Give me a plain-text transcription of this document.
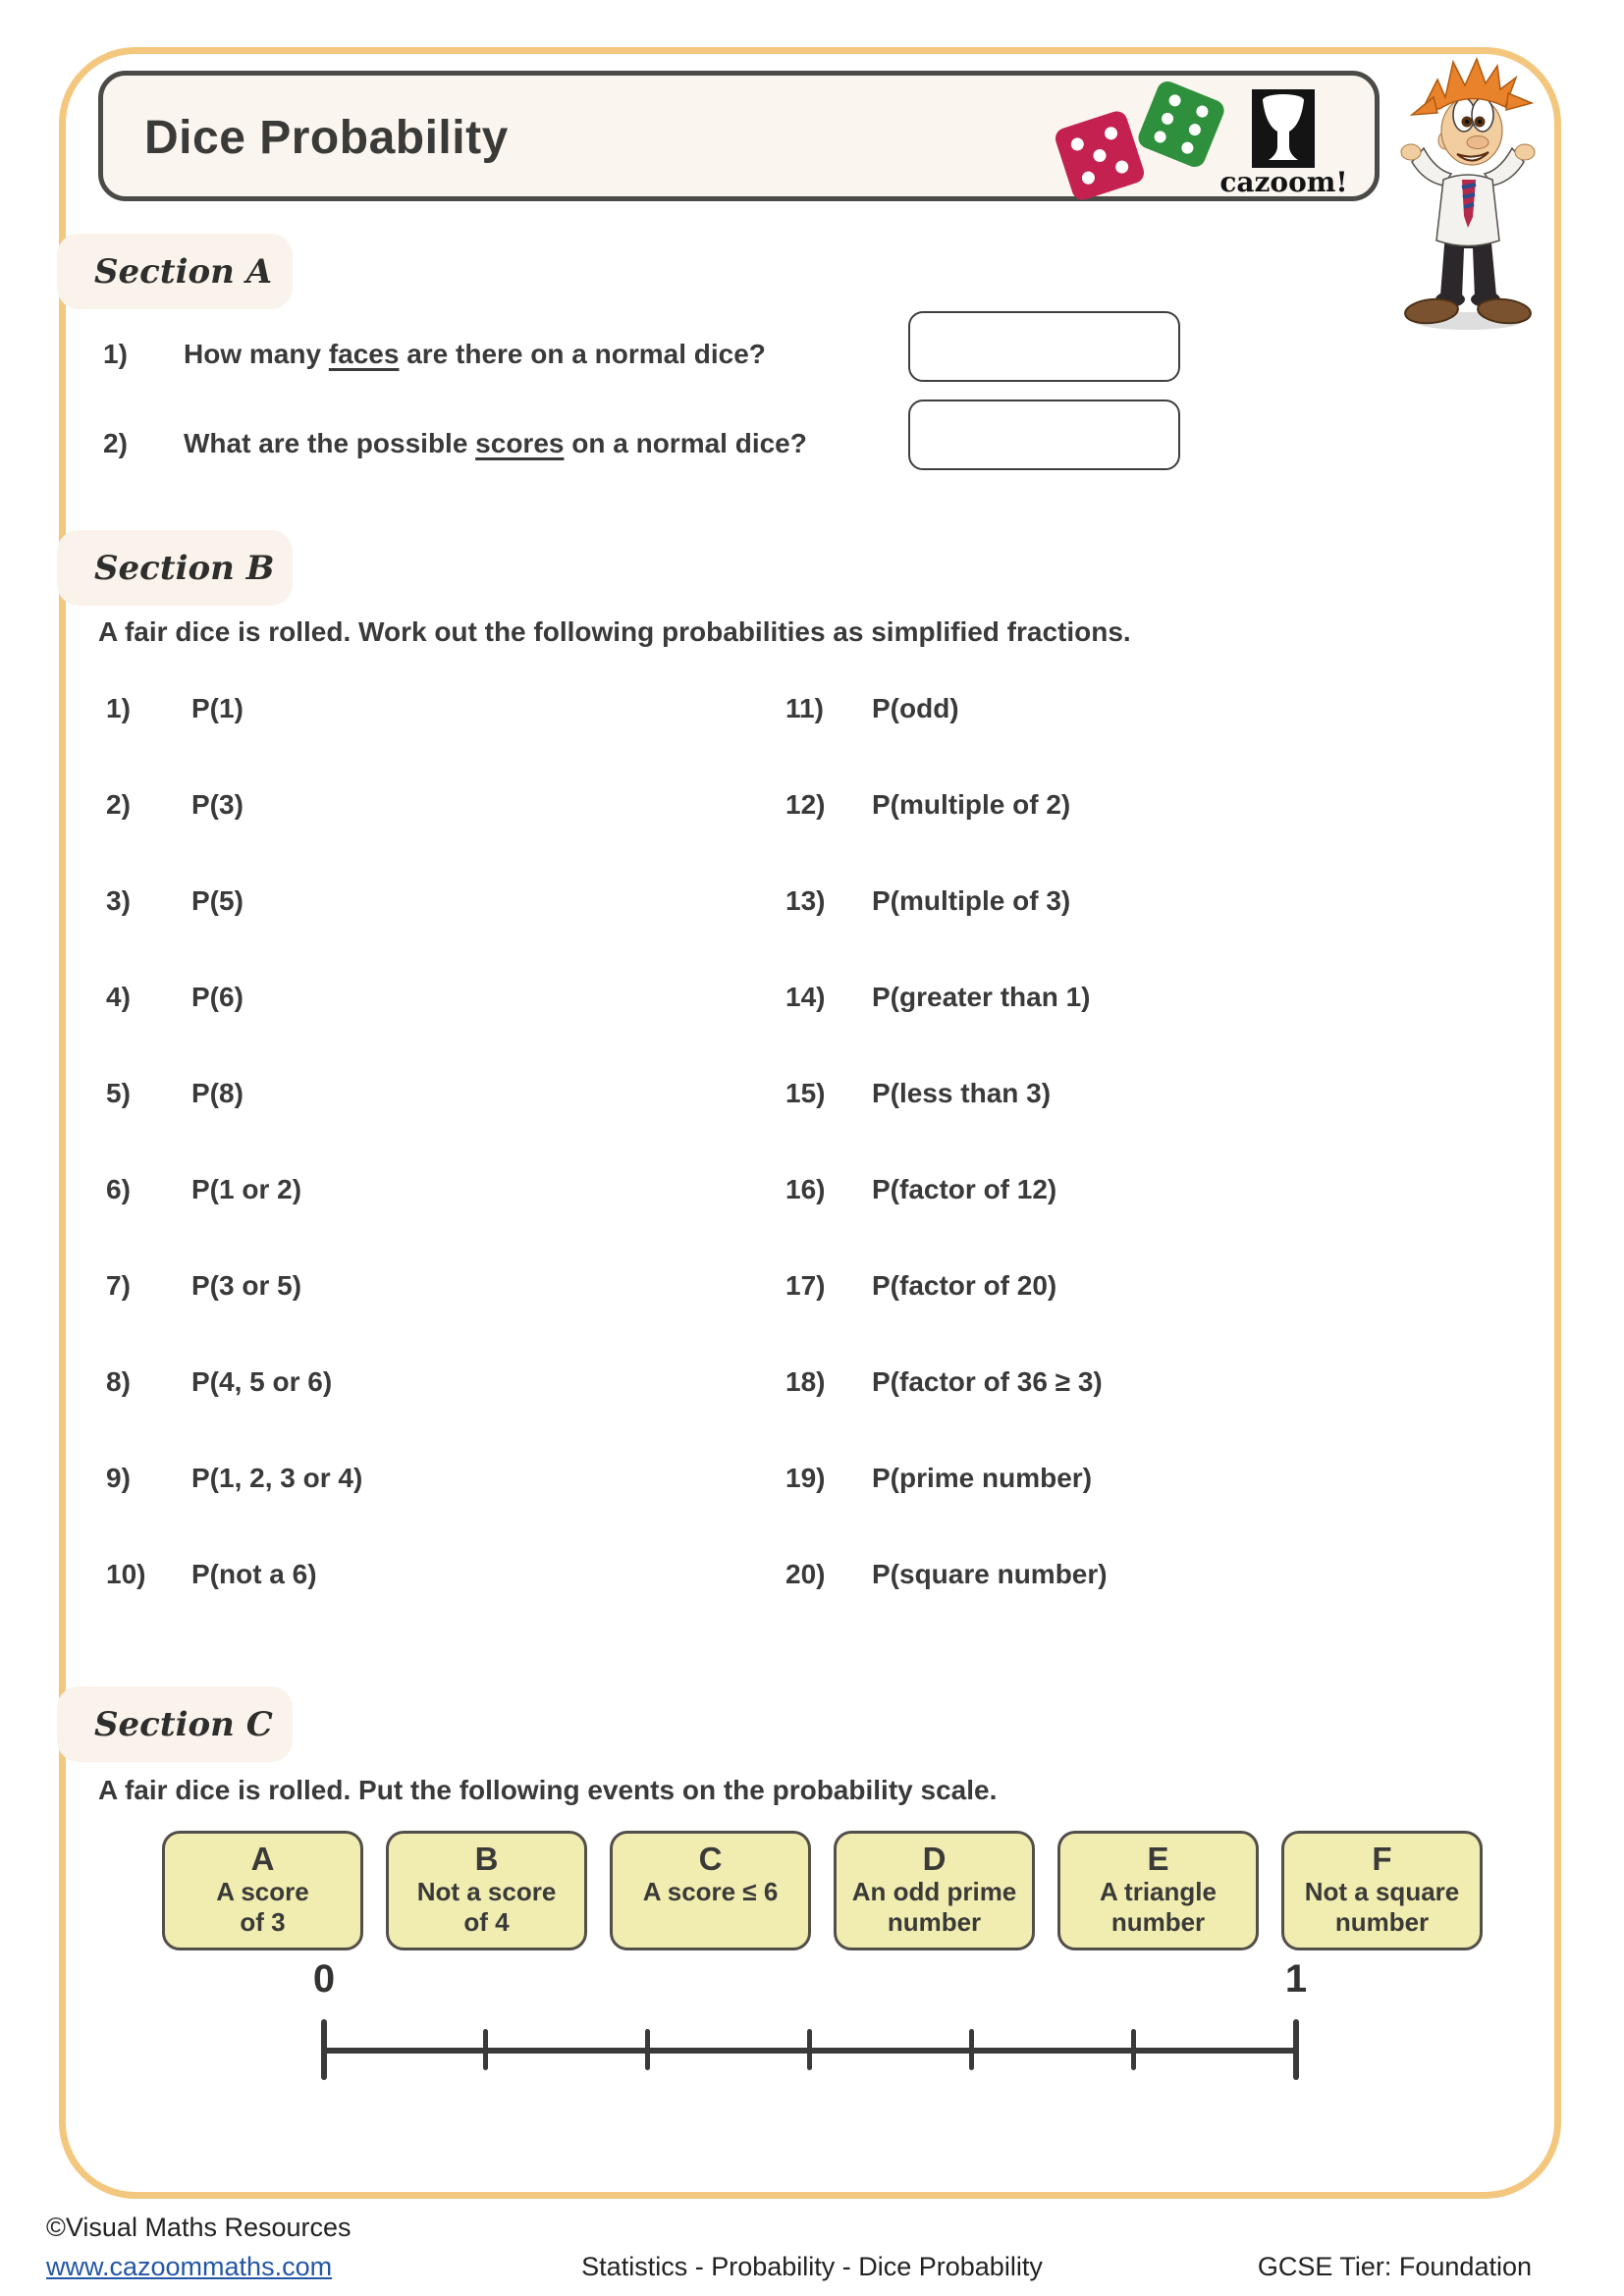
Dice Probability
cazoom!
Section A
1) How many faces are there on a normal dice?
2) What are the possible scores on a normal dice?
Section B
A fair dice is rolled. Work out the following probabilities as simplified fractions.
1) P(1)	11) P(odd)
2) P(3)	12) P(multiple of 2)
3) P(5)	13) P(multiple of 3)
4) P(6)	14) P(greater than 1)
5) P(8)	15) P(less than 3)
6) P(1 or 2)	16) P(factor of 12)
7) P(3 or 5)	17) P(factor of 20)
8) P(4, 5 or 6)	18) P(factor of 36 ≥ 3)
9) P(1, 2, 3 or 4)	19) P(prime number)
10) P(not a 6)	20) P(square number)
Section C
A fair dice is rolled. Put the following events on the probability scale.
A
A score
of 3
B
Not a score
of 4
C
A score ≤ 6
D
An odd prime
number
E
A triangle
number
F
Not a square
number
0	1
©Visual Maths Resources
www.cazoommaths.com	Statistics - Probability - Dice Probability	GCSE Tier: Foundation
